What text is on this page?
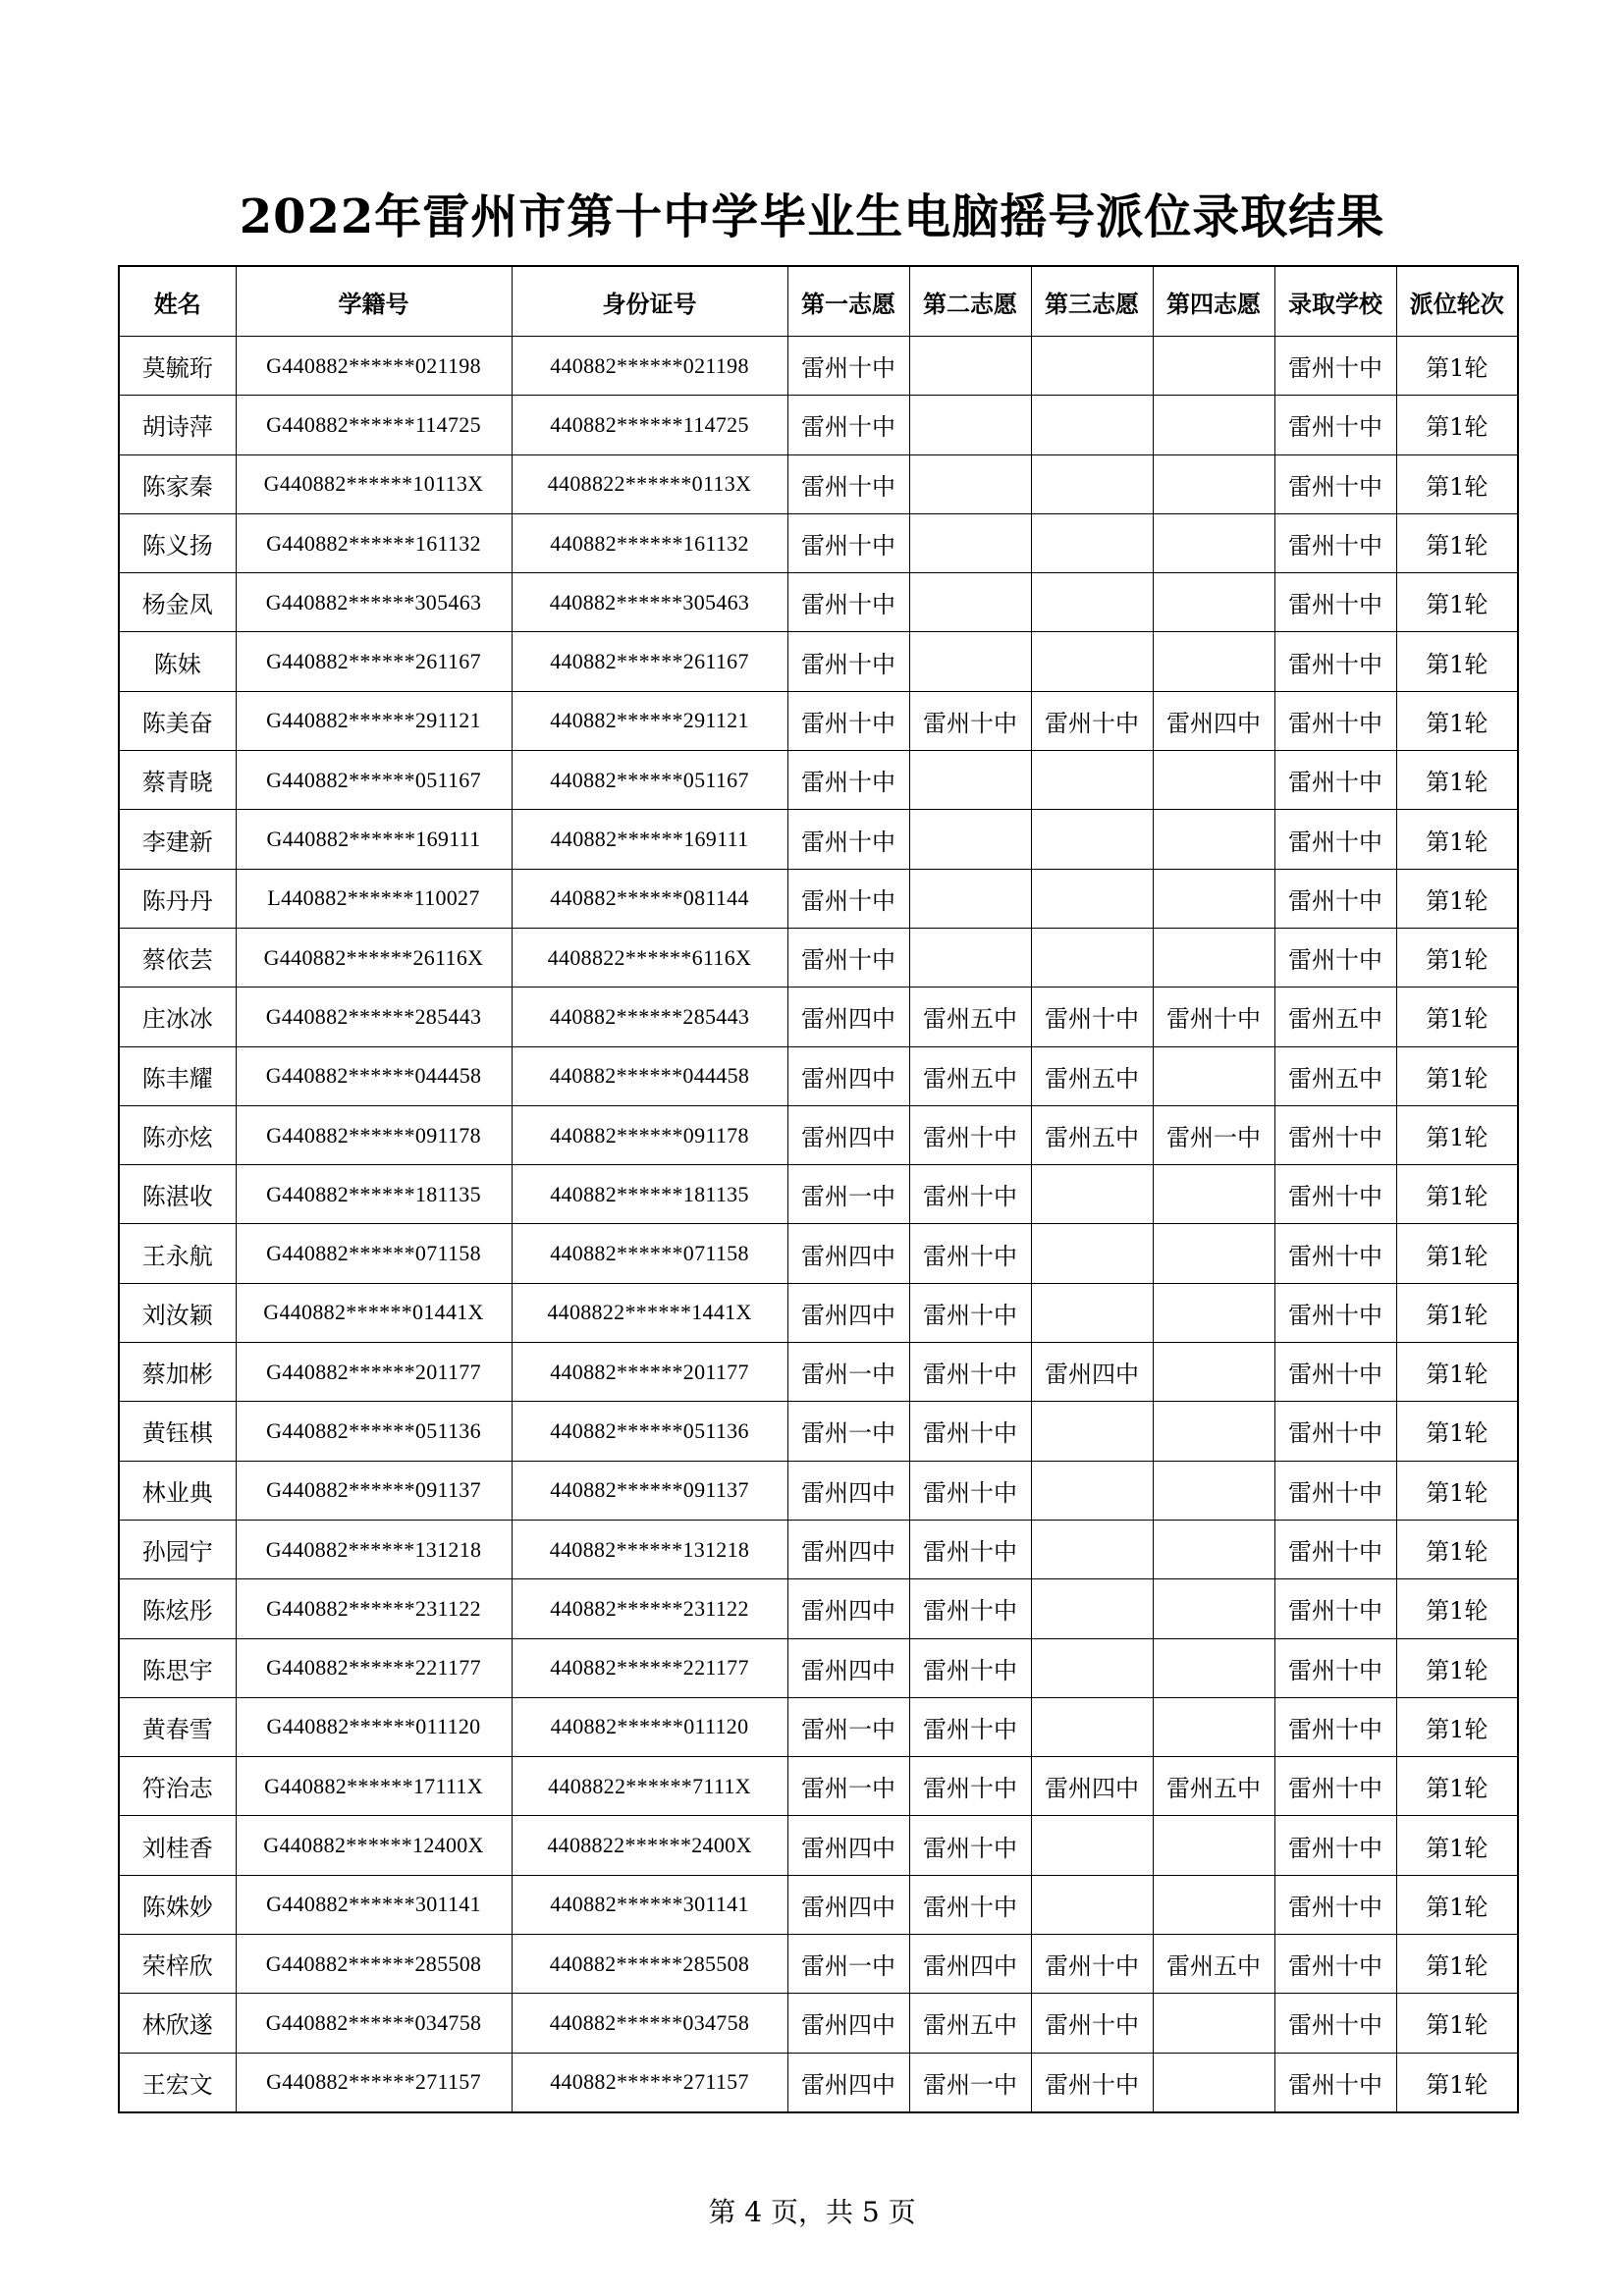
2022年雷州市第十中学毕业生电脑摇号派位录取结果
姓名	学籍号	身份证号	第一志愿	第二志愿	第三志愿	第四志愿	录取学校	派位轮次
莫毓珩	G440882******021198	440882******021198	雷州十中				雷州十中	第1轮
胡诗萍	G440882******114725	440882******114725	雷州十中				雷州十中	第1轮
陈家秦	G440882******10113X	4408822******0113X	雷州十中				雷州十中	第1轮
陈义扬	G440882******161132	440882******161132	雷州十中				雷州十中	第1轮
杨金凤	G440882******305463	440882******305463	雷州十中				雷州十中	第1轮
陈妹	G440882******261167	440882******261167	雷州十中				雷州十中	第1轮
陈美奋	G440882******291121	440882******291121	雷州十中	雷州十中	雷州十中	雷州四中	雷州十中	第1轮
蔡青晓	G440882******051167	440882******051167	雷州十中				雷州十中	第1轮
李建新	G440882******169111	440882******169111	雷州十中				雷州十中	第1轮
陈丹丹	L440882******110027	440882******081144	雷州十中				雷州十中	第1轮
蔡依芸	G440882******26116X	4408822******6116X	雷州十中				雷州十中	第1轮
庄冰冰	G440882******285443	440882******285443	雷州四中	雷州五中	雷州十中	雷州十中	雷州五中	第1轮
陈丰耀	G440882******044458	440882******044458	雷州四中	雷州五中	雷州五中		雷州五中	第1轮
陈亦炫	G440882******091178	440882******091178	雷州四中	雷州十中	雷州五中	雷州一中	雷州十中	第1轮
陈湛收	G440882******181135	440882******181135	雷州一中	雷州十中			雷州十中	第1轮
王永航	G440882******071158	440882******071158	雷州四中	雷州十中			雷州十中	第1轮
刘汝颖	G440882******01441X	4408822******1441X	雷州四中	雷州十中			雷州十中	第1轮
蔡加彬	G440882******201177	440882******201177	雷州一中	雷州十中	雷州四中		雷州十中	第1轮
黄钰棋	G440882******051136	440882******051136	雷州一中	雷州十中			雷州十中	第1轮
林业典	G440882******091137	440882******091137	雷州四中	雷州十中			雷州十中	第1轮
孙园宁	G440882******131218	440882******131218	雷州四中	雷州十中			雷州十中	第1轮
陈炫彤	G440882******231122	440882******231122	雷州四中	雷州十中			雷州十中	第1轮
陈思宇	G440882******221177	440882******221177	雷州四中	雷州十中			雷州十中	第1轮
黄春雪	G440882******011120	440882******011120	雷州一中	雷州十中			雷州十中	第1轮
符治志	G440882******17111X	4408822******7111X	雷州一中	雷州十中	雷州四中	雷州五中	雷州十中	第1轮
刘桂香	G440882******12400X	4408822******2400X	雷州四中	雷州十中			雷州十中	第1轮
陈姝妙	G440882******301141	440882******301141	雷州四中	雷州十中			雷州十中	第1轮
荣梓欣	G440882******285508	440882******285508	雷州一中	雷州四中	雷州十中	雷州五中	雷州十中	第1轮
林欣遂	G440882******034758	440882******034758	雷州四中	雷州五中	雷州十中		雷州十中	第1轮
王宏文	G440882******271157	440882******271157	雷州四中	雷州一中	雷州十中		雷州十中	第1轮
第 4 页，共 5 页
